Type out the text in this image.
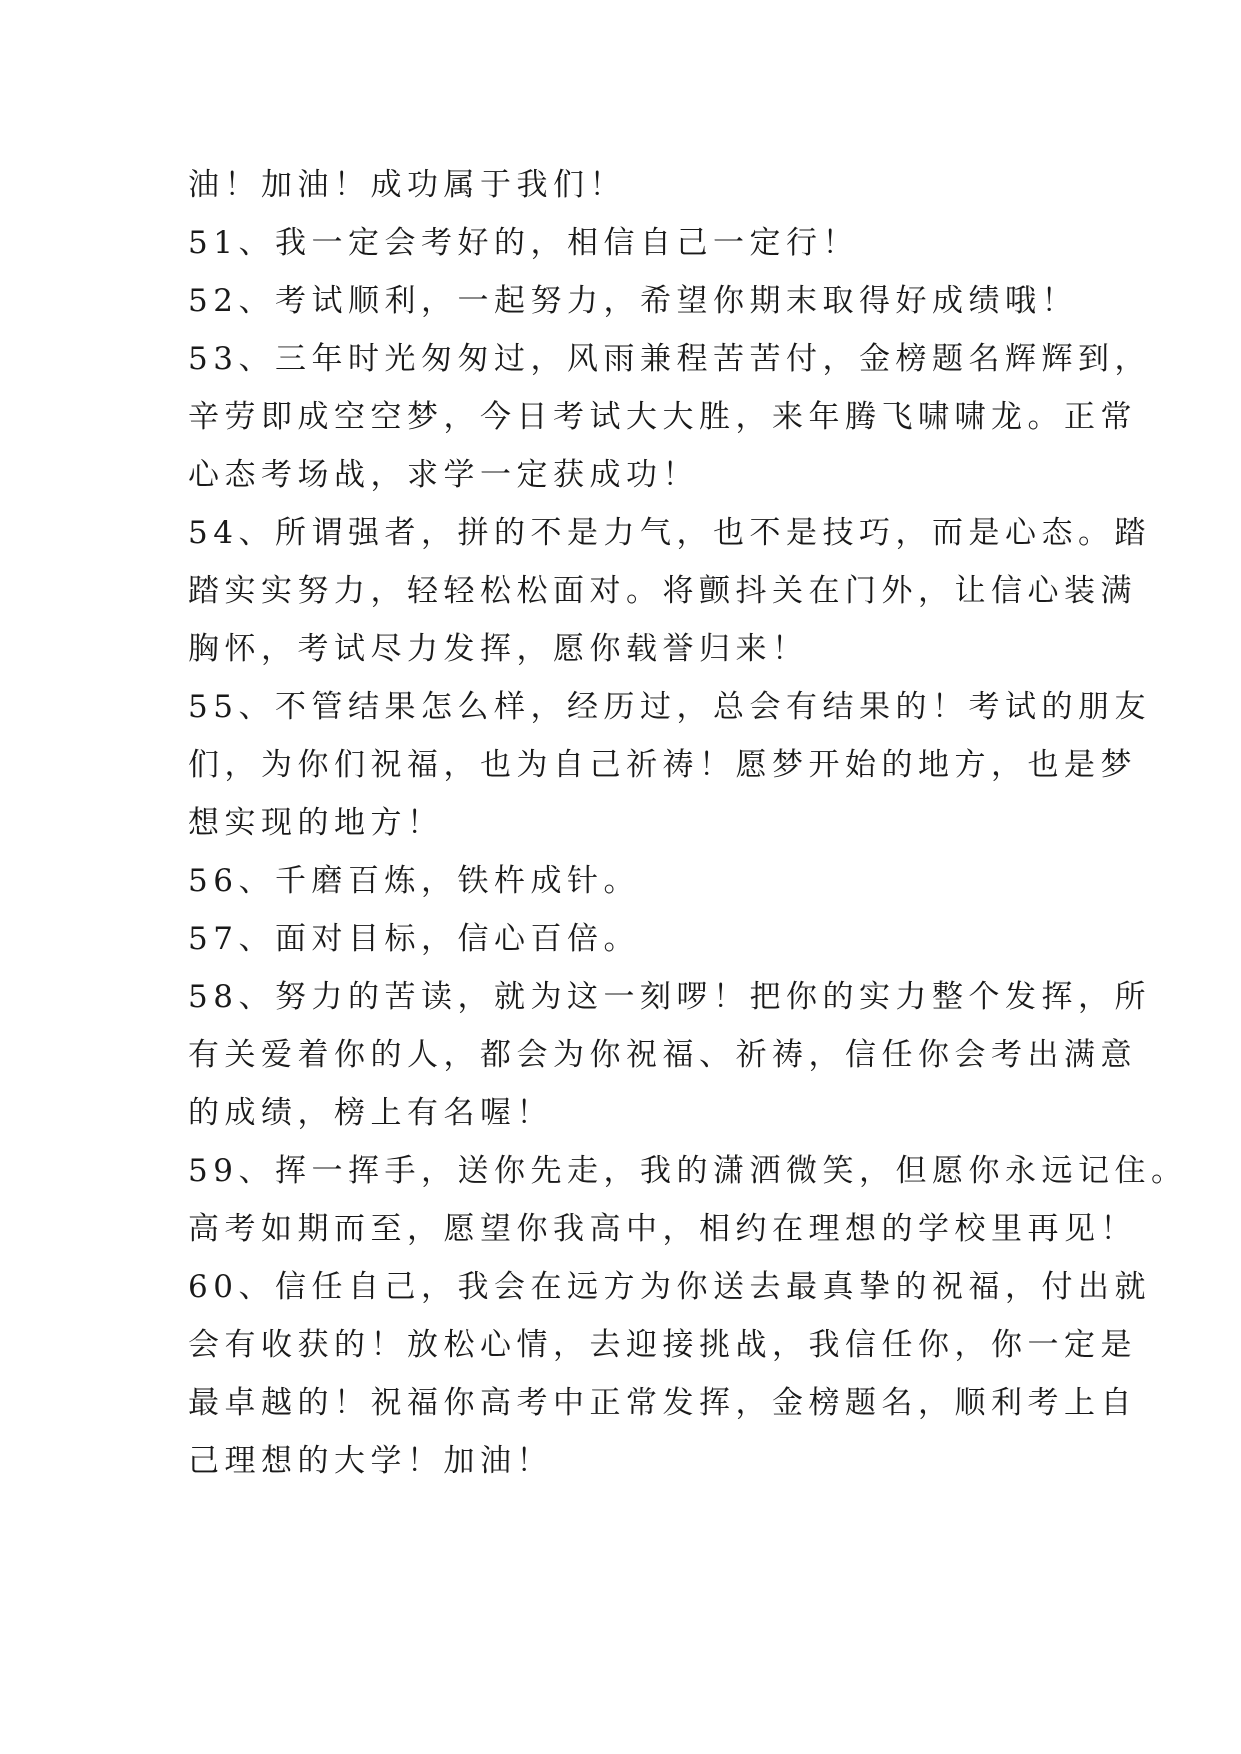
油！加油！成功属于我们！
51、我一定会考好的，相信自己一定行！
52、考试顺利，一起努力，希望你期末取得好成绩哦！
53、三年时光匆匆过，风雨兼程苦苦付，金榜题名辉辉到，
辛劳即成空空梦，今日考试大大胜，来年腾飞啸啸龙。正常
心态考场战，求学一定获成功！
54、所谓强者，拼的不是力气，也不是技巧，而是心态。踏
踏实实努力，轻轻松松面对。将颤抖关在门外，让信心装满
胸怀，考试尽力发挥，愿你载誉归来！
55、不管结果怎么样，经历过，总会有结果的！考试的朋友
们，为你们祝福，也为自己祈祷！愿梦开始的地方，也是梦
想实现的地方！
56、千磨百炼，铁杵成针。
57、面对目标，信心百倍。
58、努力的苦读，就为这一刻啰！把你的实力整个发挥，所
有关爱着你的人，都会为你祝福、祈祷，信任你会考出满意
的成绩，榜上有名喔！
59、挥一挥手，送你先走，我的潇洒微笑，但愿你永远记住。
高考如期而至，愿望你我高中，相约在理想的学校里再见！
60、信任自己，我会在远方为你送去最真挚的祝福，付出就
会有收获的！放松心情，去迎接挑战，我信任你，你一定是
最卓越的！祝福你高考中正常发挥，金榜题名，顺利考上自
己理想的大学！加油！
